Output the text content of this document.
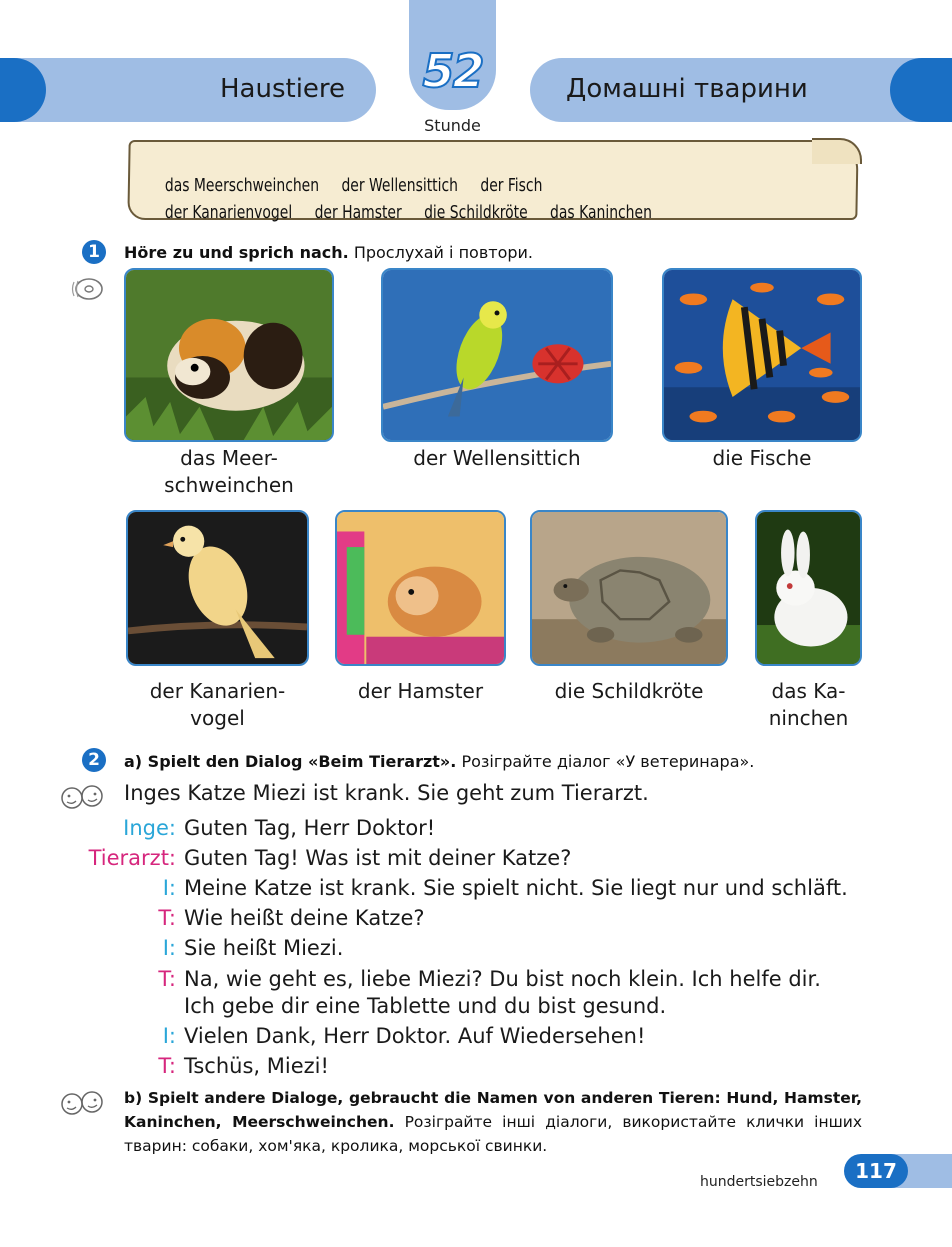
Haustiere	Домашні тварини
52
Stunde

das Meerschweinchen der Wellensittich der Fisch

der Kanarienvogel der Hamster die Schildkröte das Kaninchen

1	Höre zu und sprich nach. Прослухай і повтори.
das Meer-
schweinchen
der Wellensittich	die Fische
der Kanarien-
vogel
der Hamster	die Schildkröte	das Ka-
ninchen
2	a) Spielt den Dialog «Beim Tierarzt». Розіграйте діалог «У ветеринара».
Inges Katze Miezi ist krank. Sie geht zum Tierarzt.
Inge: Guten Tag, Herr Doktor!
Tierarzt: Guten Tag! Was ist mit deiner Katze?
I: Meine Katze ist krank. Sie spielt nicht. Sie liegt nur und schläft.
T: Wie heißt deine Katze?
I: Sie heißt Miezi.
T: Na, wie geht es, liebe Miezi? Du bist noch klein. Ich helfe dir.
Ich gebe dir eine Tablette und du bist gesund.
I: Vielen Dank, Herr Doktor. Auf Wiedersehen!
T: Tschüs, Miezi!
b) Spielt andere Dialoge, gebraucht die Namen von anderen Tieren: Hund, Hamster, Kaninchen, Meerschweinchen. Розіграйте інші діалоги, використайте клички інших тварин: собаки, хом'яка, кролика, морської свинки.
hundertsiebzehn	117
